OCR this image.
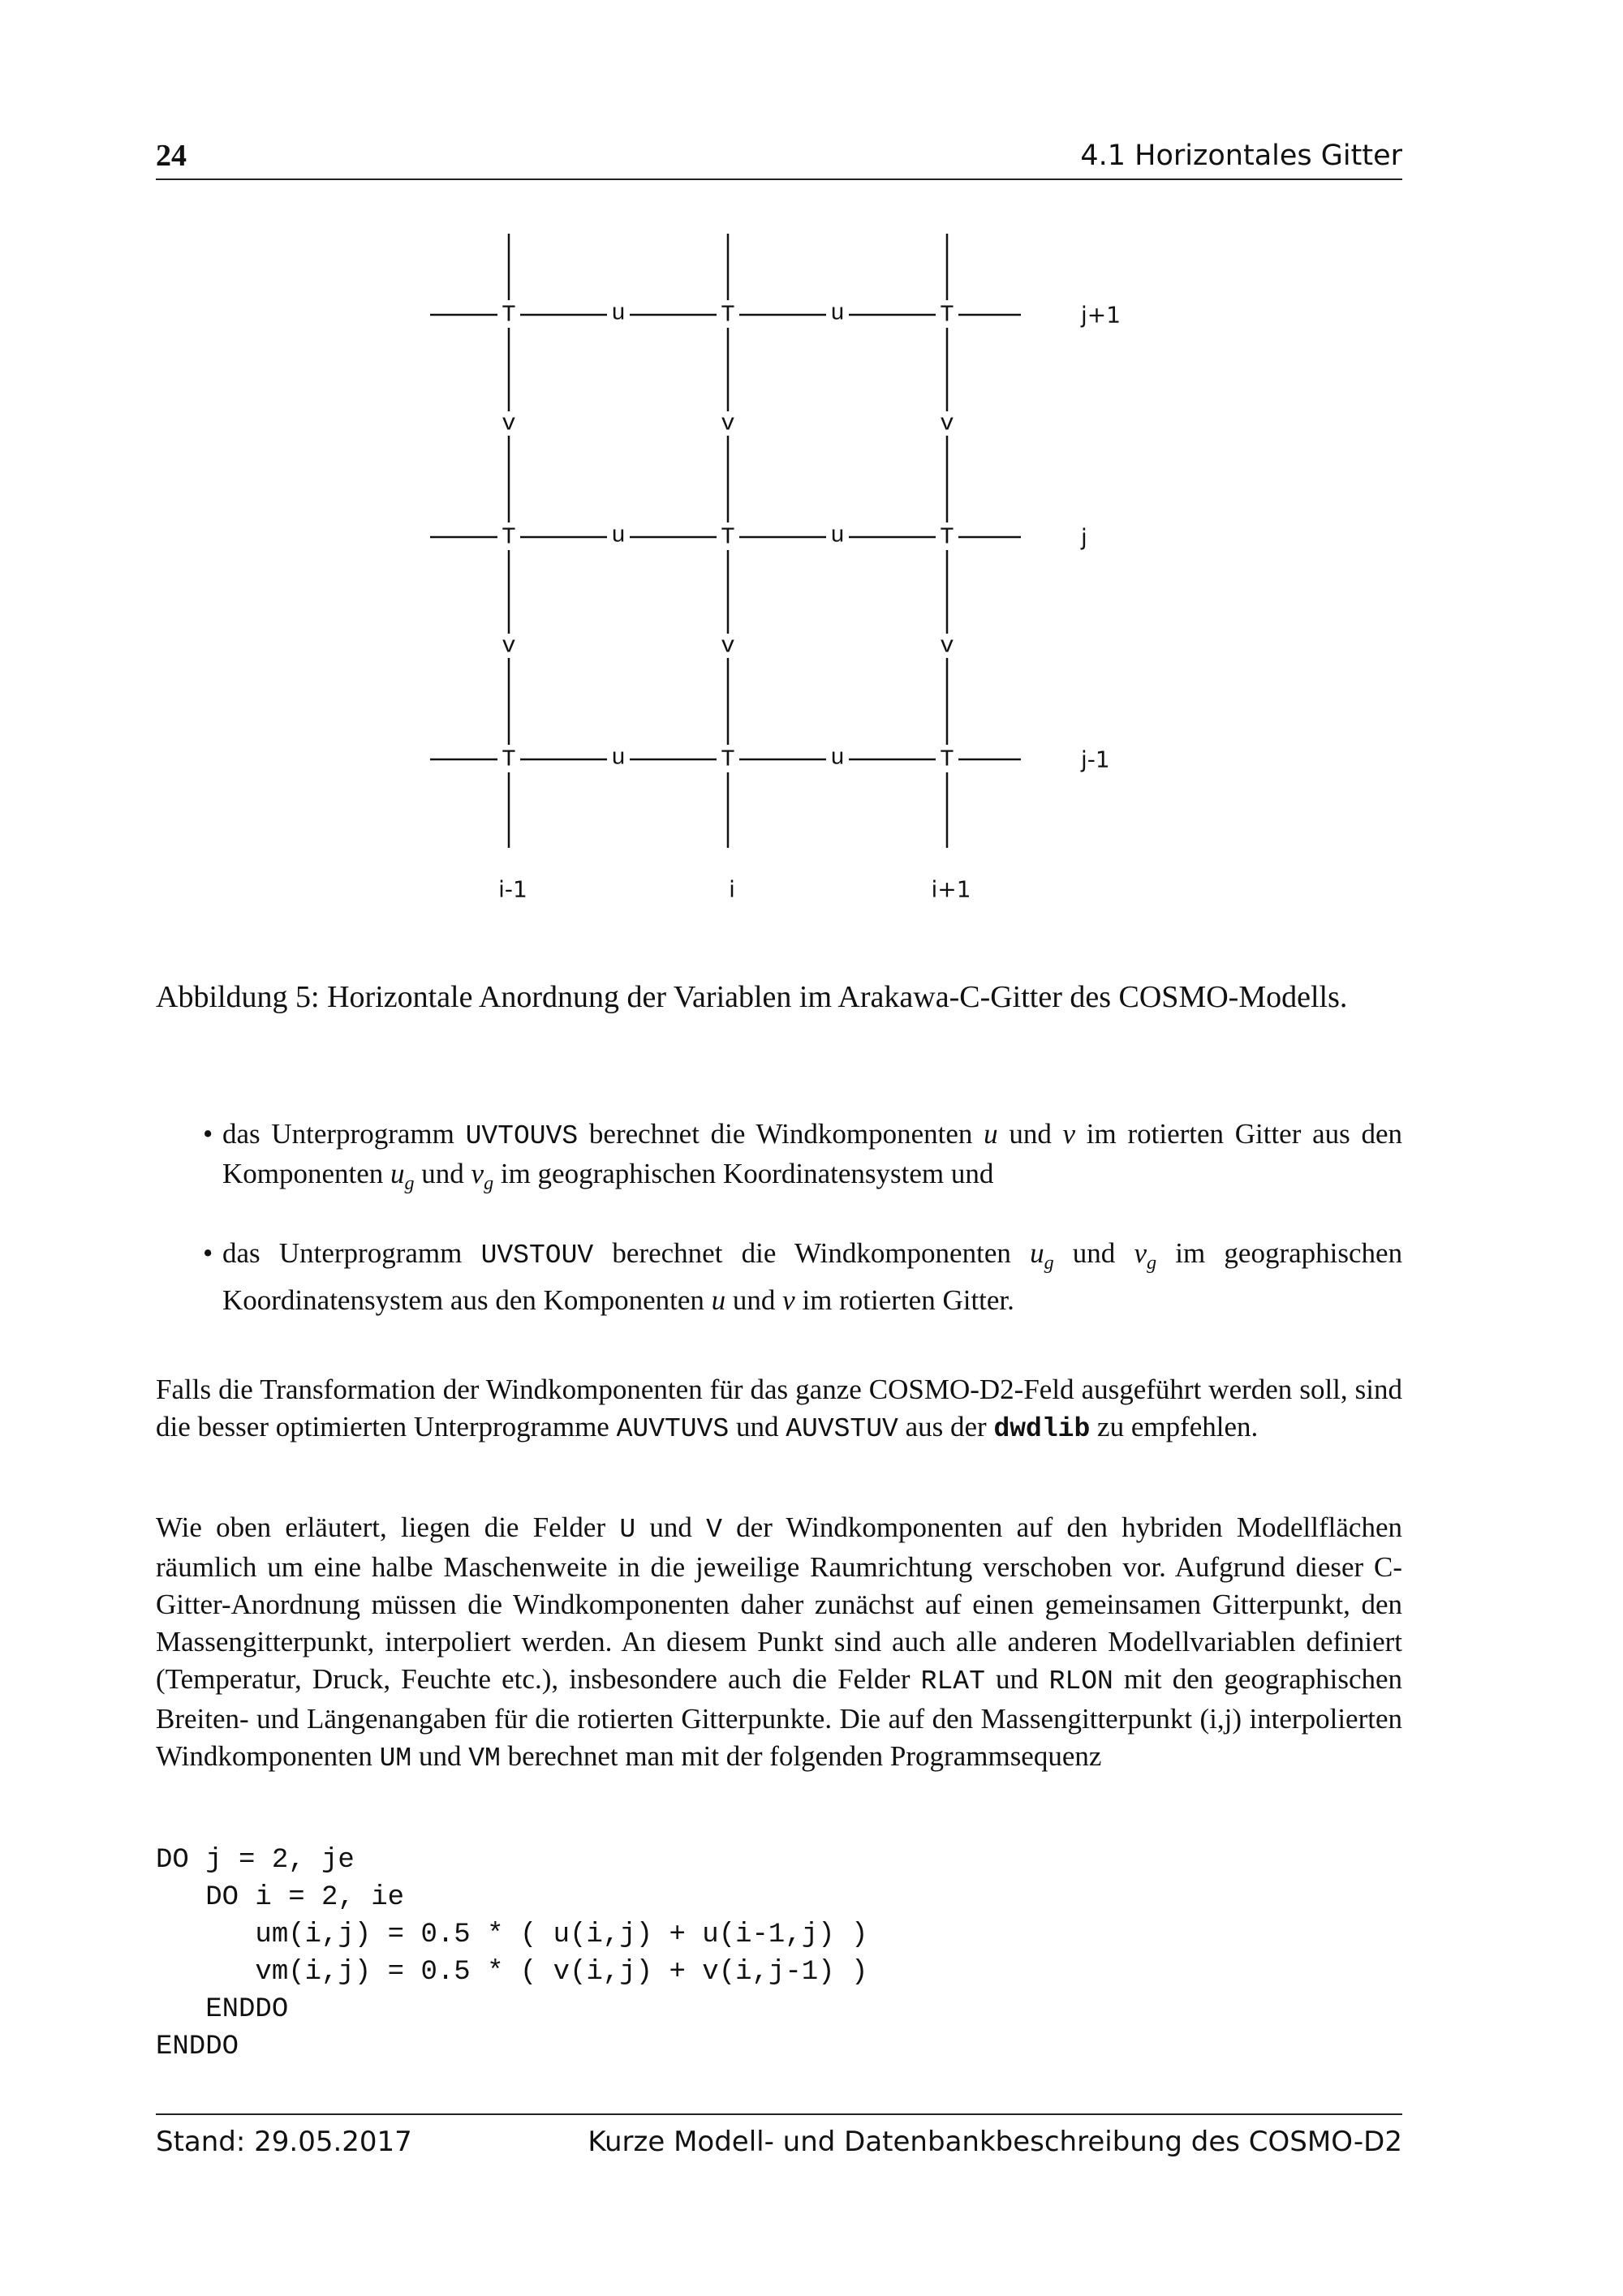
24	4.1 Horizontales Gitter
T	T	T
T	T	T
T	T	T
u	u
u	u
u	u
v	v	v
v	v	v
j+1
j
j-1
i-1	i	i+1
Abbildung 5: Horizontale Anordnung der Variablen im Arakawa-C-Gitter des COSMO-Modells.
• das Unterprogramm UVTOUVS berechnet die Windkomponenten u und v im rotierten Gitter aus den Komponenten $u_g$ und $v_g$ im geographischen Koordinatensystem und
• das Unterprogramm UVSTOUV berechnet die Windkomponenten $u_g$ und $v_g$ im geographischen Koordinatensystem aus den Komponenten u und v im rotierten Gitter.
Falls die Transformation der Windkomponenten für das ganze COSMO-D2-Feld ausgeführt werden soll, sind die besser optimierten Unterprogramme AUVTUVS und AUVSTUV aus der dwdlib zu empfehlen.
Wie oben erläutert, liegen die Felder U und V der Windkomponenten auf den hybriden Modellflächen räumlich um eine halbe Maschenweite in die jeweilige Raumrichtung verschoben vor. Aufgrund dieser C-Gitter-Anordnung müssen die Windkomponenten daher zunächst auf einen gemeinsamen Gitterpunkt, den Massengitterpunkt, interpoliert werden. An diesem Punkt sind auch alle anderen Modellvariablen definiert (Temperatur, Druck, Feuchte etc.), insbesondere auch die Felder RLAT und RLON mit den geographischen Breiten- und Längenangaben für die rotierten Gitterpunkte. Die auf den Massengitterpunkt (i,j) interpolierten Windkomponenten UM und VM berechnet man mit der folgenden Programmsequenz
DO j = 2, je
DO i = 2, ie
um(i,j) = 0.5 * ( u(i,j) + u(i-1,j) )
vm(i,j) = 0.5 * ( v(i,j) + v(i,j-1) )
ENDDO
ENDDO
Stand: 29.05.2017	Kurze Modell- und Datenbankbeschreibung des COSMO-D2
